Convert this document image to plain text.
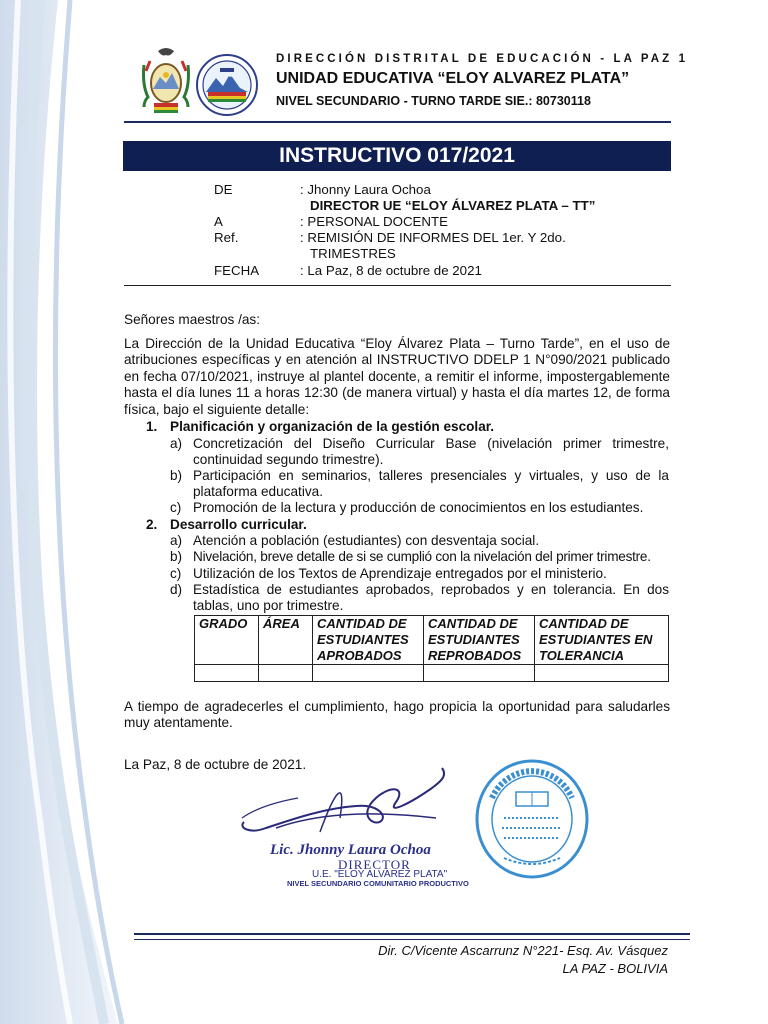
DIRECCIÓN DISTRITAL DE EDUCACIÓN - LA PAZ 1
UNIDAD EDUCATIVA “ELOY ALVAREZ PLATA”
NIVEL SECUNDARIO - TURNO TARDE SIE.: 80730118
INSTRUCTIVO 017/2021
DE	: Jhonny Laura Ochoa
DIRECTOR UE “ELOY ÁLVAREZ PLATA – TT”
A	: PERSONAL DOCENTE
Ref.	: REMISIÓN DE INFORMES DEL 1er. Y 2do.
TRIMESTRES
FECHA	: La Paz, 8 de octubre de 2021
Señores maestros /as:
La Dirección de la Unidad Educativa “Eloy Álvarez Plata – Turno Tarde”, en el uso de atribuciones específicas y en atención al INSTRUCTIVO DDELP 1 N°090/2021 publicado en fecha 07/10/2021, instruye al plantel docente, a remitir el informe, impostergablemente hasta el día lunes 11 a horas 12:30 (de manera virtual) y hasta el día martes 12, de forma física, bajo el siguiente detalle:
1. Planificación y organización de la gestión escolar.
a) Concretización del Diseño Curricular Base (nivelación primer trimestre, continuidad segundo trimestre).
b) Participación en seminarios, talleres presenciales y virtuales, y uso de la plataforma educativa.
c) Promoción de la lectura y producción de conocimientos en los estudiantes.
2. Desarrollo curricular.
a) Atención a población (estudiantes) con desventaja social.
b) Nivelación, breve detalle de si se cumplió con la nivelación del primer trimestre.
c) Utilización de los Textos de Aprendizaje entregados por el ministerio.
d) Estadística de estudiantes aprobados, reprobados y en tolerancia. En dos tablas, uno por trimestre.
GRADO	ÁREA	CANTIDAD DE ESTUDIANTES APROBADOS	CANTIDAD DE ESTUDIANTES REPROBADOS	CANTIDAD DE ESTUDIANTES EN TOLERANCIA

A tiempo de agradecerles el cumplimiento, hago propicia la oportunidad para saludarles muy atentamente.
La Paz, 8 de octubre de 2021.
Lic. Jhonny Laura Ochoa
DIRECTOR
U.E. "ELOY ALVAREZ PLATA"
NIVEL SECUNDARIO COMUNITARIO PRODUCTIVO
Dir. C/Vicente Ascarrunz N°221- Esq. Av. Vásquez
LA PAZ - BOLIVIA
